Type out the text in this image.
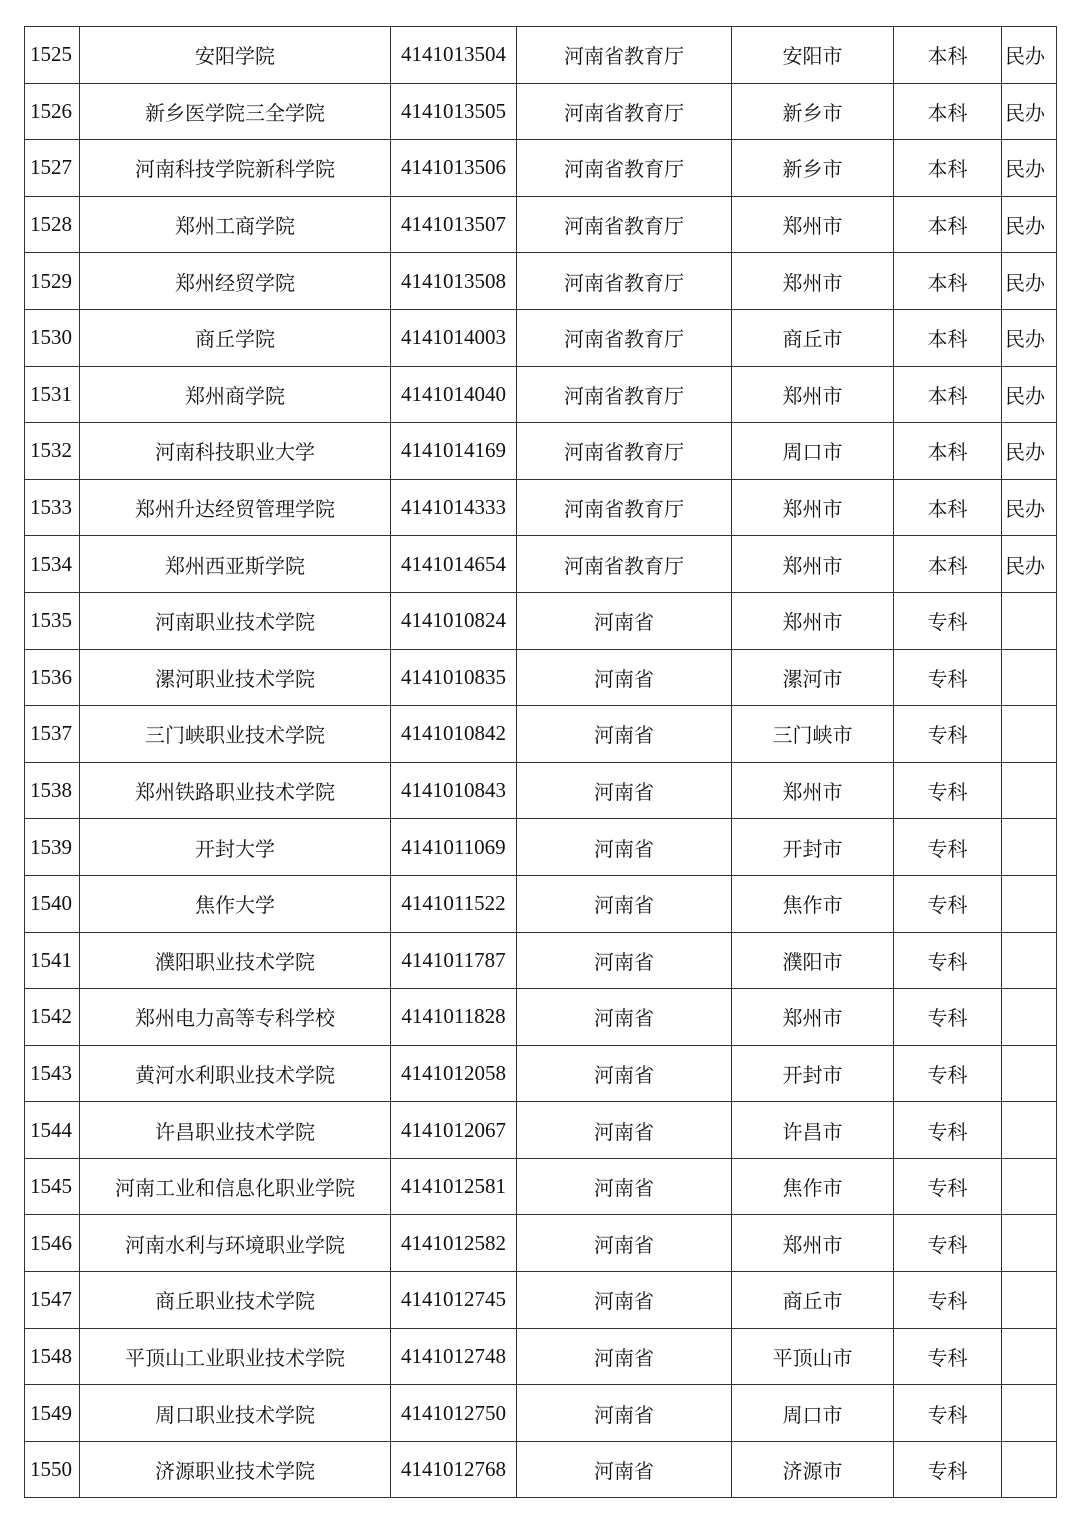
1525	安阳学院	4141013504	河南省教育厅	安阳市	本科	民办
1526	新乡医学院三全学院	4141013505	河南省教育厅	新乡市	本科	民办
1527	河南科技学院新科学院	4141013506	河南省教育厅	新乡市	本科	民办
1528	郑州工商学院	4141013507	河南省教育厅	郑州市	本科	民办
1529	郑州经贸学院	4141013508	河南省教育厅	郑州市	本科	民办
1530	商丘学院	4141014003	河南省教育厅	商丘市	本科	民办
1531	郑州商学院	4141014040	河南省教育厅	郑州市	本科	民办
1532	河南科技职业大学	4141014169	河南省教育厅	周口市	本科	民办
1533	郑州升达经贸管理学院	4141014333	河南省教育厅	郑州市	本科	民办
1534	郑州西亚斯学院	4141014654	河南省教育厅	郑州市	本科	民办
1535	河南职业技术学院	4141010824	河南省	郑州市	专科	
1536	漯河职业技术学院	4141010835	河南省	漯河市	专科	
1537	三门峡职业技术学院	4141010842	河南省	三门峡市	专科	
1538	郑州铁路职业技术学院	4141010843	河南省	郑州市	专科	
1539	开封大学	4141011069	河南省	开封市	专科	
1540	焦作大学	4141011522	河南省	焦作市	专科	
1541	濮阳职业技术学院	4141011787	河南省	濮阳市	专科	
1542	郑州电力高等专科学校	4141011828	河南省	郑州市	专科	
1543	黄河水利职业技术学院	4141012058	河南省	开封市	专科	
1544	许昌职业技术学院	4141012067	河南省	许昌市	专科	
1545	河南工业和信息化职业学院	4141012581	河南省	焦作市	专科	
1546	河南水利与环境职业学院	4141012582	河南省	郑州市	专科	
1547	商丘职业技术学院	4141012745	河南省	商丘市	专科	
1548	平顶山工业职业技术学院	4141012748	河南省	平顶山市	专科	
1549	周口职业技术学院	4141012750	河南省	周口市	专科	
1550	济源职业技术学院	4141012768	河南省	济源市	专科	
